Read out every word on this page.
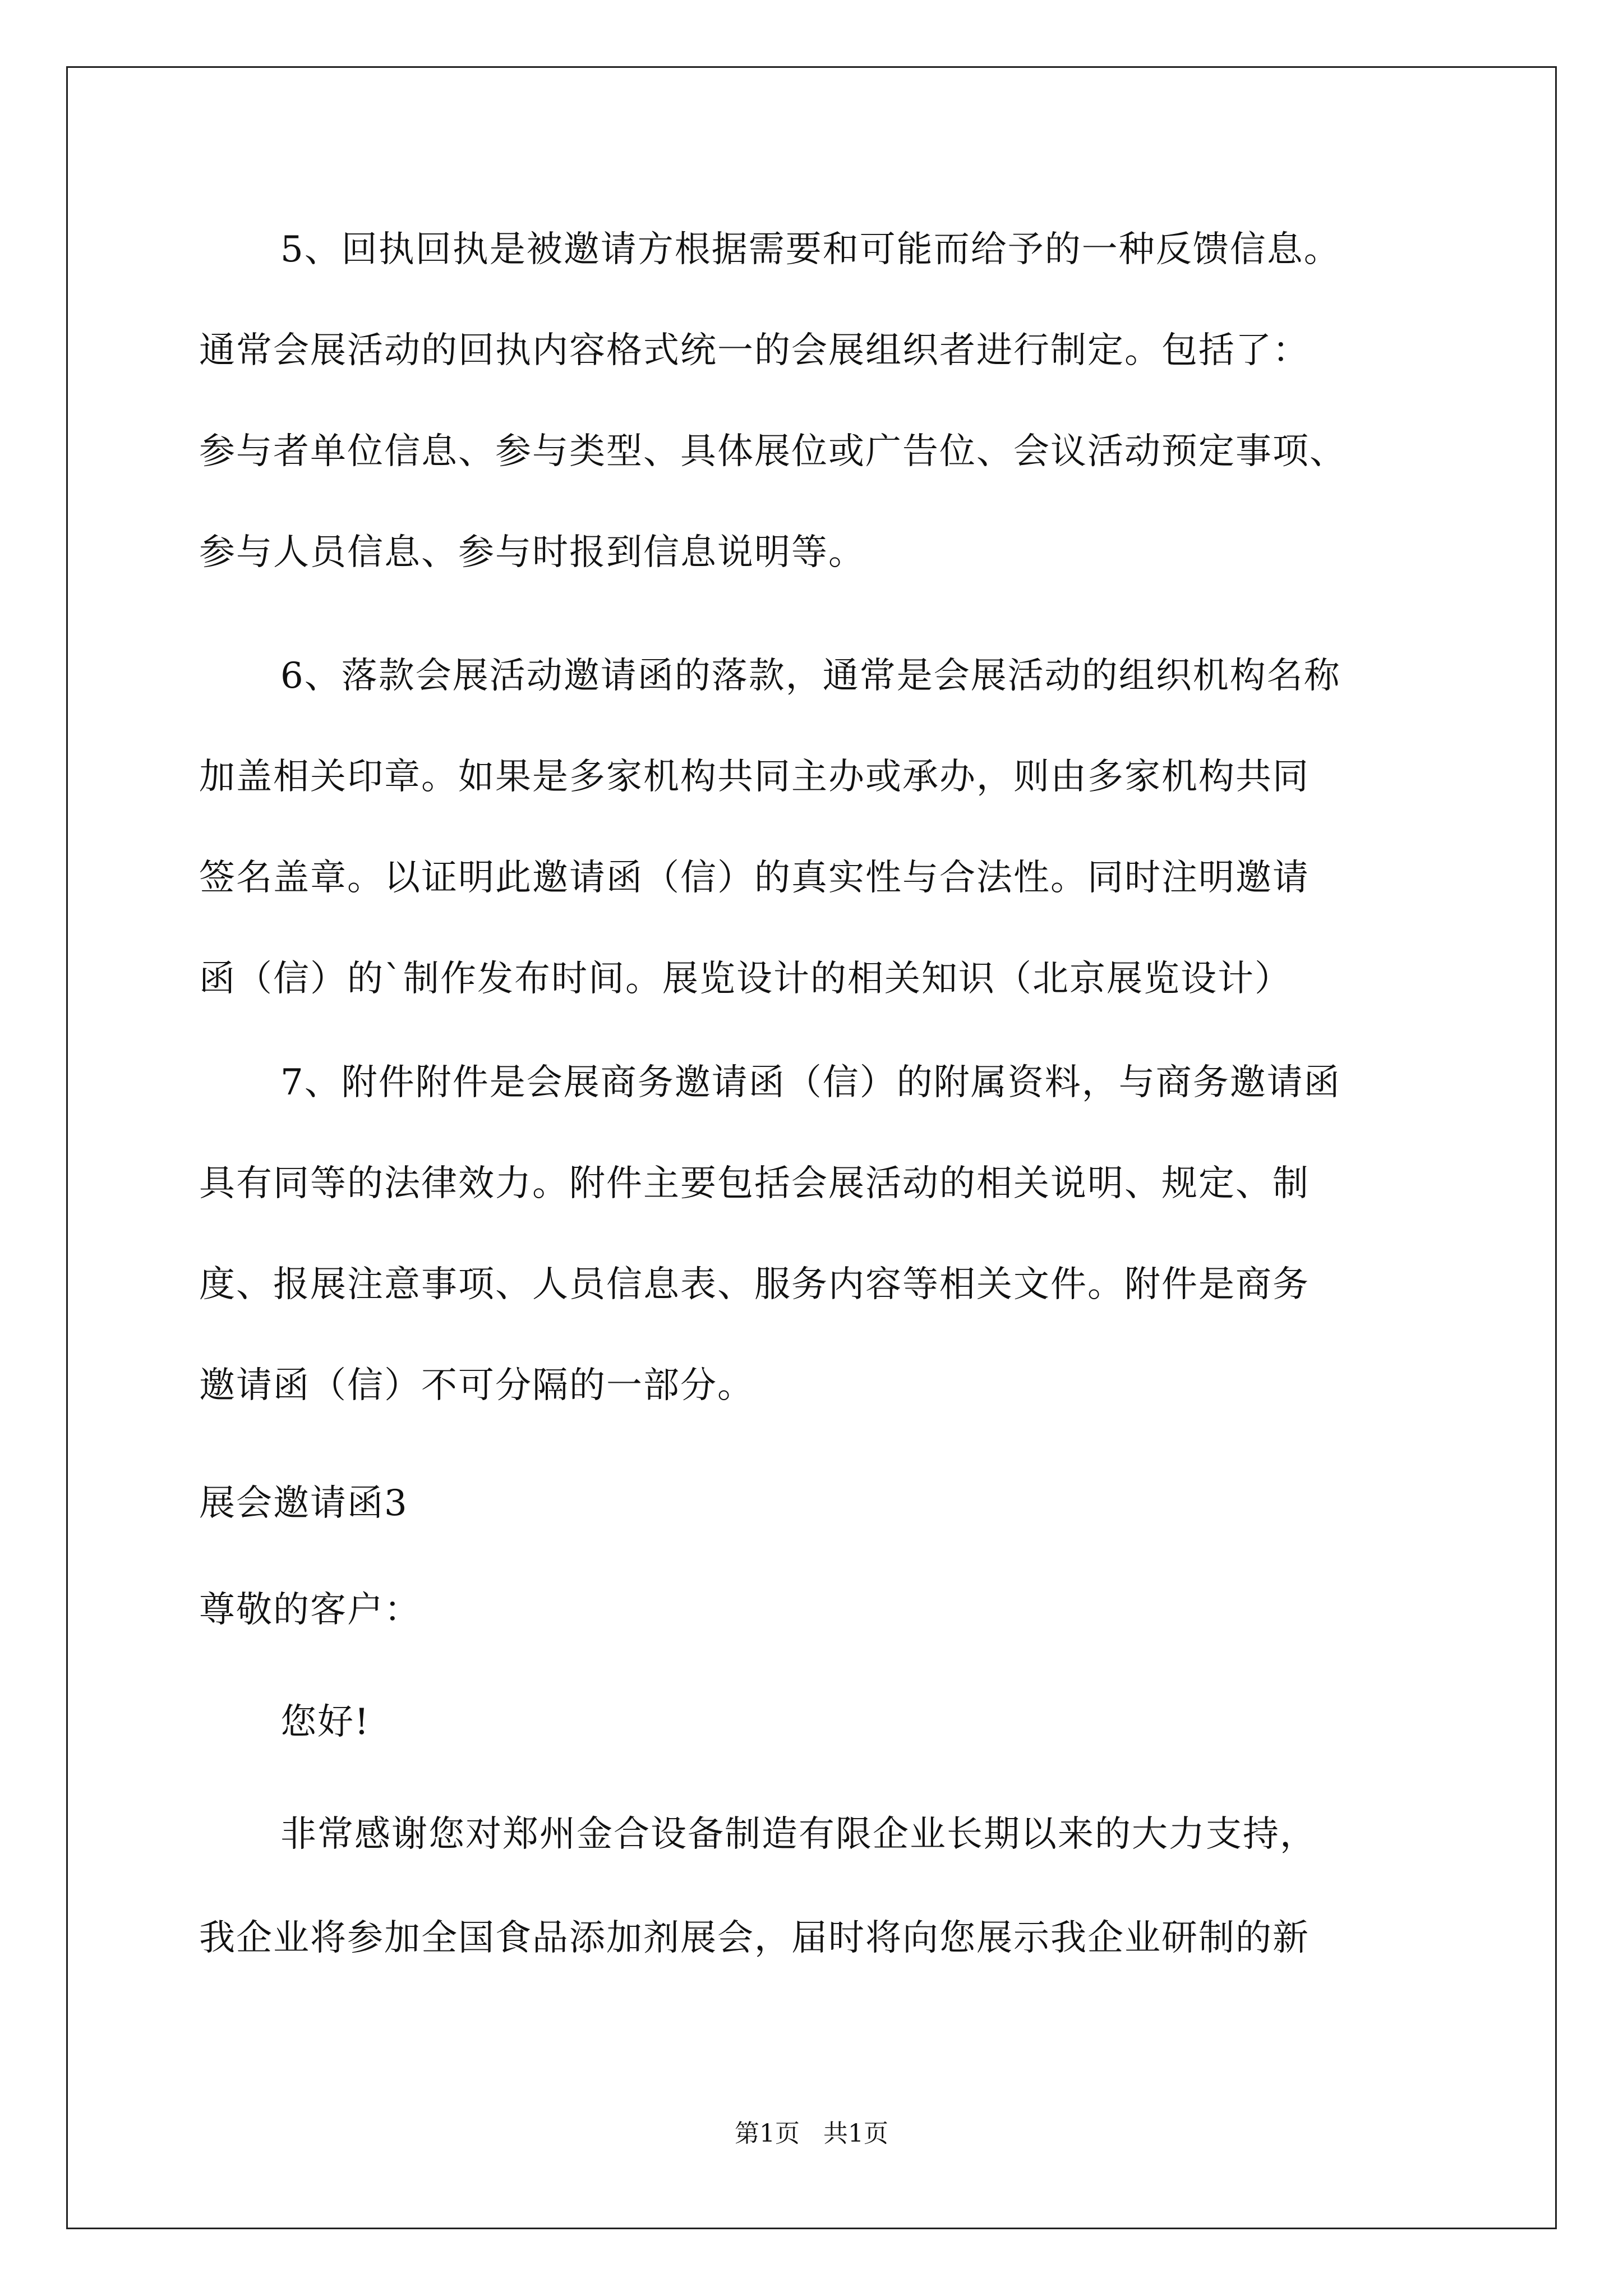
5、回执回执是被邀请方根据需要和可能而给予的一种反馈信息。
通常会展活动的回执内容格式统一的会展组织者进行制定。包括了：
参与者单位信息、参与类型、具体展位或广告位、会议活动预定事项、
参与人员信息、参与时报到信息说明等。
6、落款会展活动邀请函的落款，通常是会展活动的组织机构名称
加盖相关印章。如果是多家机构共同主办或承办，则由多家机构共同
签名盖章。以证明此邀请函（信）的真实性与合法性。同时注明邀请
函（信）的`制作发布时间。展览设计的相关知识（北京展览设计）
7、附件附件是会展商务邀请函（信）的附属资料，与商务邀请函
具有同等的法律效力。附件主要包括会展活动的相关说明、规定、制
度、报展注意事项、人员信息表、服务内容等相关文件。附件是商务
邀请函（信）不可分隔的一部分。
展会邀请函3
尊敬的客户：
您好!
非常感谢您对郑州金合设备制造有限企业长期以来的大力支持，
我企业将参加全国食品添加剂展会，届时将向您展示我企业研制的新
第1页   共1页
